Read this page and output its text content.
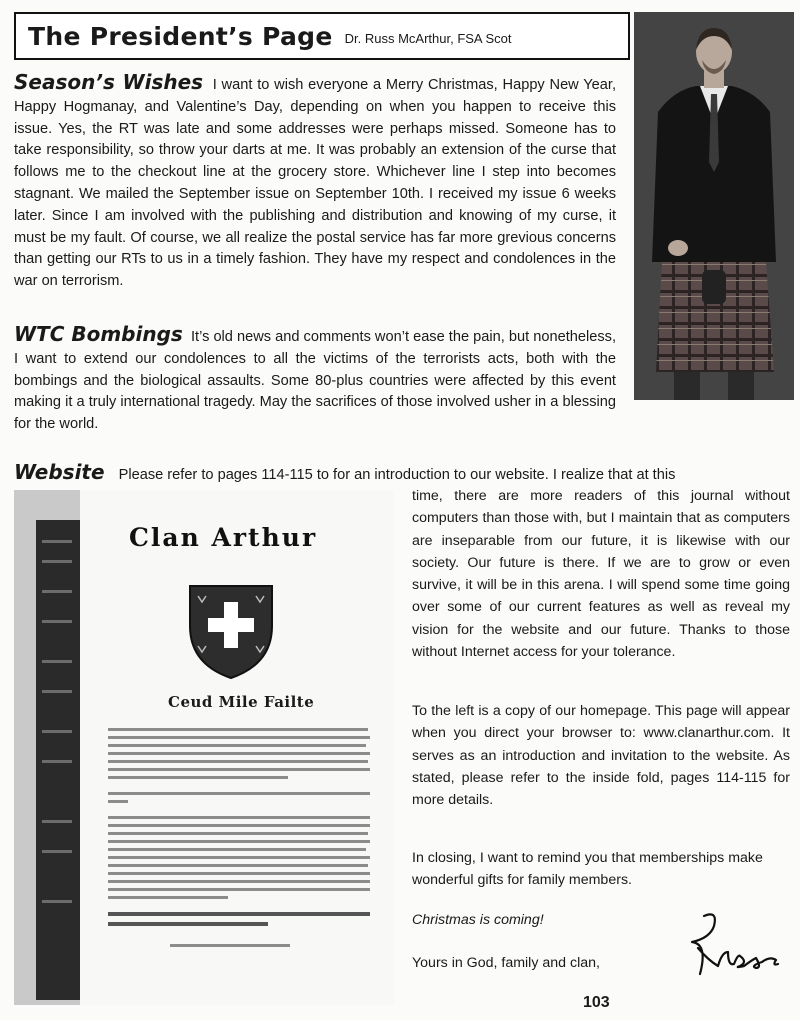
The President’s Page Dr. Russ McArthur, FSA Scot
Season’s Wishes I want to wish everyone a Merry Christmas, Happy New Year, Happy Hogmanay, and Valentine’s Day, depending on when you happen to receive this issue. Yes, the RT was late and some addresses were perhaps missed. Someone has to take responsibility, so throw your darts at me. It was probably an extension of the curse that follows me to the checkout line at the grocery store. Whichever line I step into becomes stagnant. We mailed the September issue on September 10th. I received my issue 6 weeks later. Since I am involved with the publishing and distribution and knowing of my curse, it must be my fault. Of course, we all realize the postal service has far more grevious concerns than getting our RTs to us in a timely fashion. They have my respect and condolences in the war on terrorism.
WTC Bombings It’s old news and comments won’t ease the pain, but nonetheless, I want to extend our condolences to all the victims of the terrorists acts, both with the bombings and the biological assaults. Some 80-plus countries were affected by this event making it a truly international tragedy. May the sacrifices of those involved usher in a blessing for the world.
Website Please refer to pages 114-115 to for an introduction to our website. I realize that at this
Clan Arthur
Ceud Mile Failte
time, there are more readers of this journal without computers than those with, but I maintain that as computers are inseparable from our future, it is likewise with our society. Our future is there. If we are to grow or even survive, it will be in this arena. I will spend some time going over some of our current features as well as reveal my vision for the website and our future. Thanks to those without Internet access for your tolerance.
To the left is a copy of our homepage. This page will appear when you direct your browser to: www.clanarthur.com. It serves as an introduction and invitation to the website. As stated, please refer to the inside fold, pages 114-115 for more details.
In closing, I want to remind you that memberships make wonderful gifts for family members.
Christmas is coming!
Yours in God, family and clan,
103
